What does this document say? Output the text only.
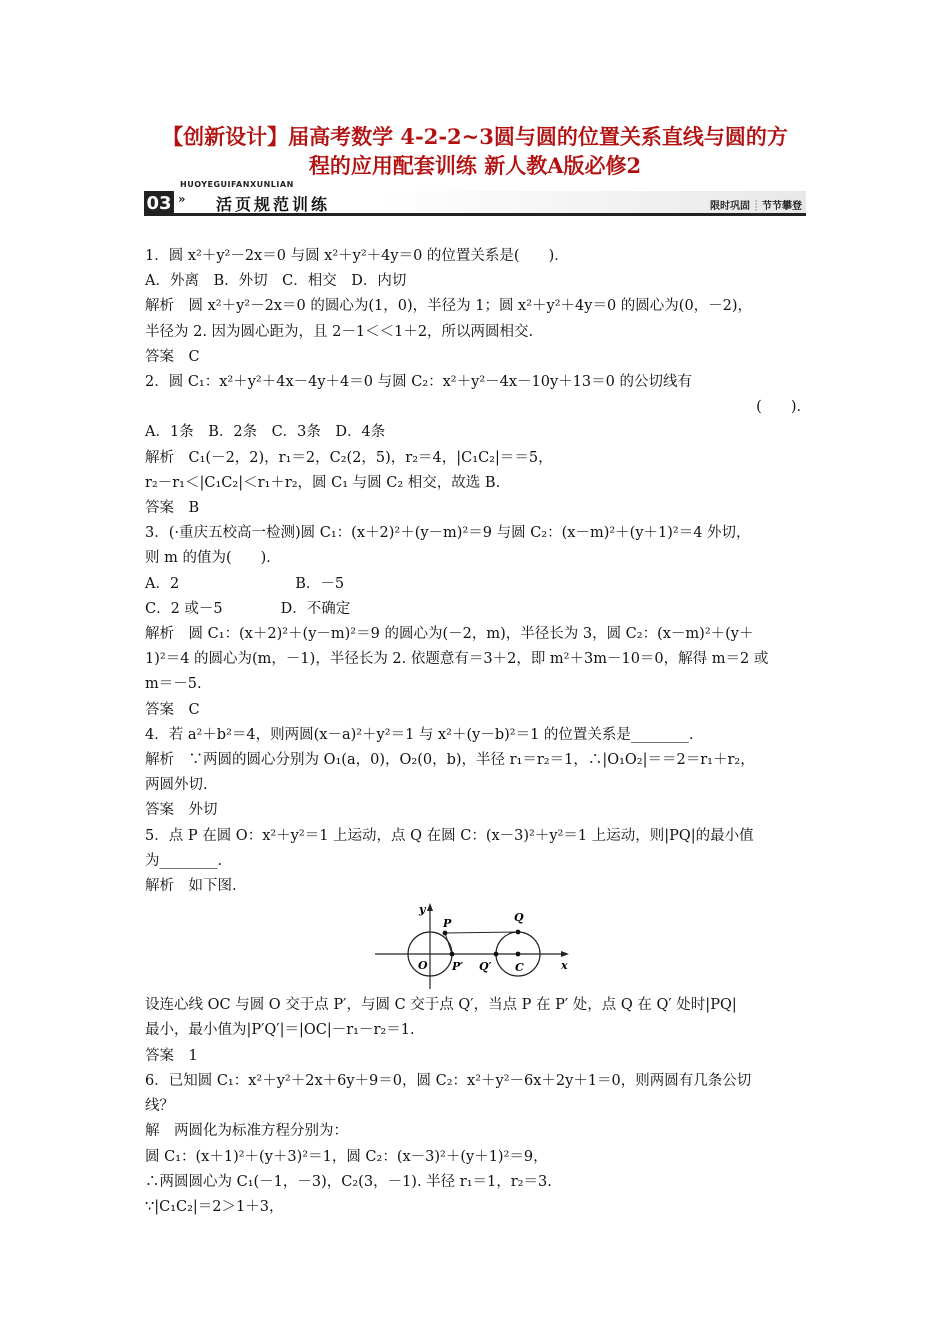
【创新设计】届高考数学 4-2-2~3圆与圆的位置关系直线与圆的方
程的应用配套训练 新人教A版必修2
HUOYEGUIFANXUNLIAN
03 » 活页规范训练	限时巩固 ┊ 节节攀登

1．圆 x²＋y²－2x＝0 与圆 x²＋y²＋4y＝0 的位置关系是(　　)．

A．外离　B．外切　C．相交　D．内切

解析　圆 x²＋y²－2x＝0 的圆心为(1，0)，半径为 1；圆 x²＋y²＋4y＝0 的圆心为(0，－2)，

半径为 2. 因为圆心距为，且 2－1＜＜1＋2，所以两圆相交.

答案　C

2．圆 C₁：x²＋y²＋4x－4y＋4＝0 与圆 C₂：x²＋y²－4x－10y＋13＝0 的公切线有

(　　)．

A．1条　B．2条　C．3条　D．4条

解析　C₁(－2，2)，r₁＝2，C₂(2，5)，r₂＝4，|C₁C₂|＝＝5，

r₂－r₁＜|C₁C₂|＜r₁＋r₂，圆 C₁ 与圆 C₂ 相交，故选 B.

答案　B

3．(·重庆五校高一检测)圆 C₁：(x＋2)²＋(y－m)²＝9 与圆 C₂：(x－m)²＋(y＋1)²＝4 外切，

则 m 的值为(　　)．

A．2　　　　　　　　B．－5

C．2 或－5　　　　D．不确定

解析　圆 C₁：(x＋2)²＋(y－m)²＝9 的圆心为(－2，m)，半径长为 3，圆 C₂：(x－m)²＋(y＋

1)²＝4 的圆心为(m，－1)，半径长为 2. 依题意有＝3＋2，即 m²＋3m－10＝0，解得 m＝2 或

m＝－5.

答案　C

4．若 a²＋b²＝4，则两圆(x－a)²＋y²＝1 与 x²＋(y－b)²＝1 的位置关系是________.

解析　∵两圆的圆心分别为 O₁(a，0)，O₂(0，b)，半径 r₁＝r₂＝1，∴|O₁O₂|＝＝2＝r₁＋r₂，

两圆外切.

答案　外切

5．点 P 在圆 O：x²＋y²＝1 上运动，点 Q 在圆 C：(x－3)²＋y²＝1 上运动，则|PQ|的最小值

为________.

解析　如下图.

y
x
O
P
P′
Q
Q′ C

设连心线 OC 与圆 O 交于点 P′，与圆 C 交于点 Q′，当点 P 在 P′ 处，点 Q 在 Q′ 处时|PQ|

最小，最小值为|P′Q′|＝|OC|－r₁－r₂＝1.

答案　1

6．已知圆 C₁：x²＋y²＋2x＋6y＋9＝0，圆 C₂：x²＋y²－6x＋2y＋1＝0，则两圆有几条公切

线？

解　两圆化为标准方程分别为：

圆 C₁：(x＋1)²＋(y＋3)²＝1，圆 C₂：(x－3)²＋(y＋1)²＝9，

∴两圆圆心为 C₁(－1，－3)，C₂(3，－1). 半径 r₁＝1，r₂＝3.

∵|C₁C₂|＝2＞1＋3，
